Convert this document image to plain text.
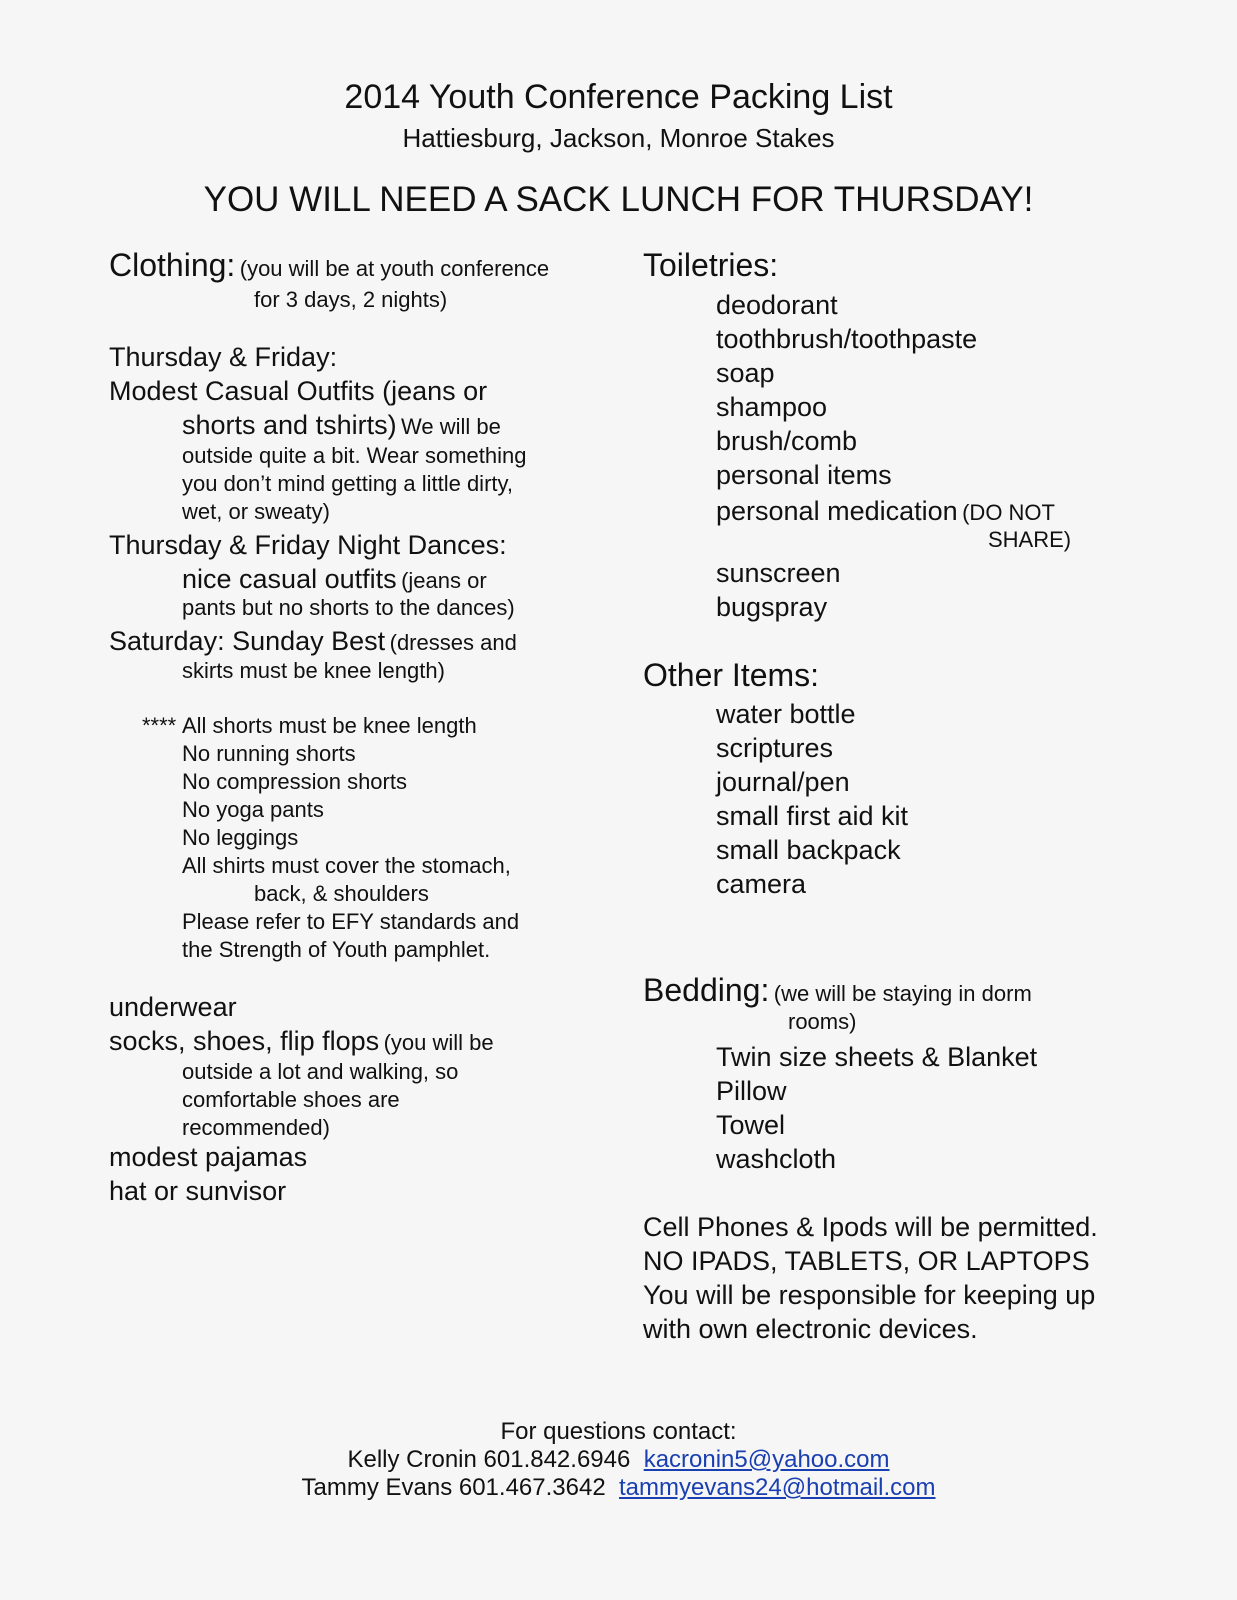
2014 Youth Conference Packing List
Hattiesburg, Jackson, Monroe Stakes
YOU WILL NEED A SACK LUNCH FOR THURSDAY!
Clothing: (you will be at youth conference
for 3 days, 2 nights)
Thursday & Friday:
Modest Casual Outfits (jeans or
shorts and tshirts) We will be
outside quite a bit. Wear something
you don’t mind getting a little dirty,
wet, or sweaty)
Thursday & Friday Night Dances:
nice casual outfits (jeans or
pants but no shorts to the dances)
Saturday: Sunday Best (dresses and
skirts must be knee length)
**** All shorts must be knee length
No running shorts
No compression shorts
No yoga pants
No leggings
All shirts must cover the stomach,
back, & shoulders
Please refer to EFY standards and
the Strength of Youth pamphlet.
underwear
socks, shoes, flip flops (you will be
outside a lot and walking, so
comfortable shoes are
recommended)
modest pajamas
hat or sunvisor
Toiletries:
deodorant
toothbrush/toothpaste
soap
shampoo
brush/comb
personal items
personal medication (DO NOT
SHARE)
sunscreen
bugspray
Other Items:
water bottle
scriptures
journal/pen
small first aid kit
small backpack
camera
Bedding: (we will be staying in dorm
rooms)
Twin size sheets & Blanket
Pillow
Towel
washcloth
Cell Phones & Ipods will be permitted.
NO IPADS, TABLETS, OR LAPTOPS
You will be responsible for keeping up
with own electronic devices.
For questions contact:
Kelly Cronin 601.842.6946 kacronin5@yahoo.com
Tammy Evans 601.467.3642 tammyevans24@hotmail.com
